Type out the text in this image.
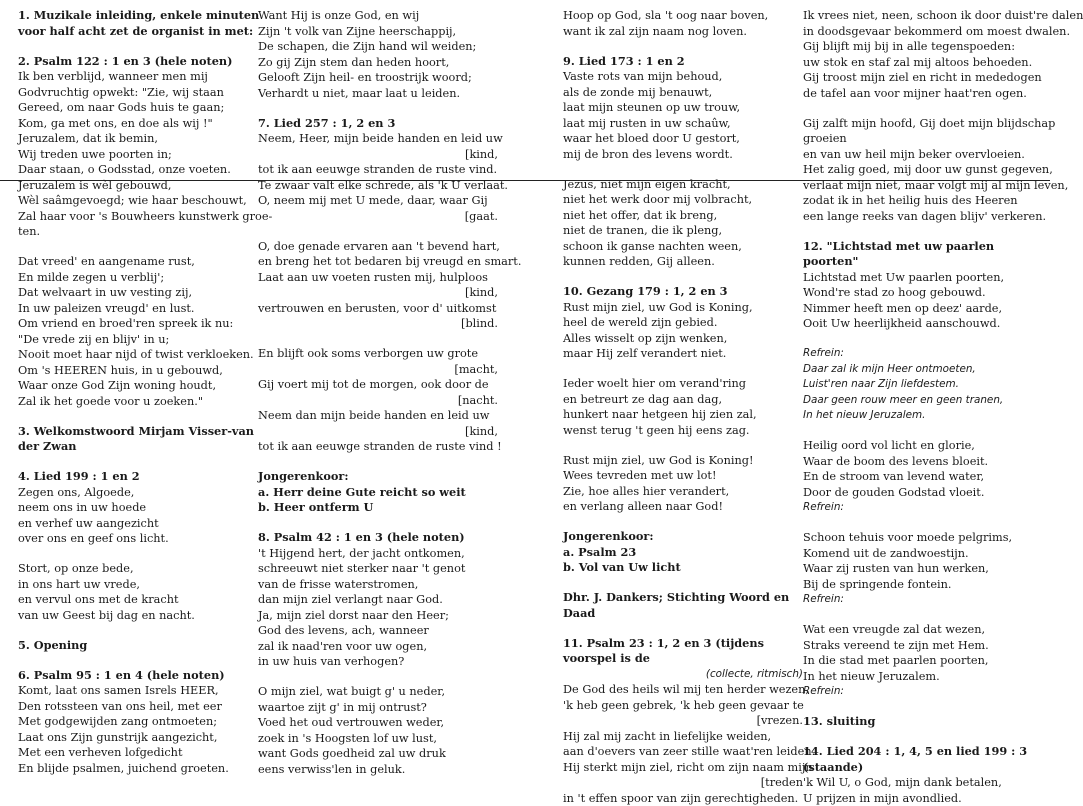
1. Muzikale inleiding, enkele minuten voor half acht zet de organist in met:
2. Psalm 122 : 1 en 3 (hele noten)
Ik ben verblijd, wanneer men mij
Godvruchtig opwekt: "Zie, wij staan
Gereed, om naar Gods huis te gaan;
Kom, ga met ons, en doe als wij !"
Jeruzalem, dat ik bemin,
Wij treden uwe poorten in;
Daar staan, o Godsstad, onze voeten.
Jeruzalem is wèl gebouwd,
Wèl saâmgevoegd; wie haar beschouwt,
Zal haar voor 's Bouwheers kunstwerk groe-
ten.
Dat vreed' en aangename rust,
En milde zegen u verblij';
Dat welvaart in uw vesting zij,
In uw paleizen vreugd' en lust.
Om vriend en broed'ren spreek ik nu:
"De vrede zij en blijv' in u;
Nooit moet haar nijd of twist verkloeken.
Om 's HEEREN huis, in u gebouwd,
Waar onze God Zijn woning houdt,
Zal ik het goede voor u zoeken."
3. Welkomstwoord Mirjam Visser-van der Zwan
4. Lied 199 : 1 en 2
Zegen ons, Algoede,
neem ons in uw hoede
en verhef uw aangezicht
over ons en geef ons licht.
Stort, op onze bede,
in ons hart uw vrede,
en vervul ons met de kracht
van uw Geest bij dag en nacht.
5. Opening
6. Psalm 95 : 1 en 4 (hele noten)
Komt, laat ons samen Isrels HEER,
Den rotssteen van ons heil, met eer
Met godgewijden zang ontmoeten;
Laat ons Zijn gunstrijk aangezicht,
Met een verheven lofgedicht
En blijde psalmen, juichend groeten.
Want Hij is onze God, en wij
Zijn 't volk van Zijne heerschappij,
De schapen, die Zijn hand wil weiden;
Zo gij Zijn stem dan heden hoort,
Gelooft Zijn heil- en troostrijk woord;
Verhardt u niet, maar laat u leiden.
7. Lied 257 : 1, 2 en 3
Neem, Heer, mijn beide handen en leid uw
[kind,
tot ik aan eeuwge stranden de ruste vind.
Te zwaar valt elke schrede, als 'k U verlaat.
O, neem mij met U mede, daar, waar Gij
[gaat.
O, doe genade ervaren aan 't bevend hart,
en breng het tot bedaren bij vreugd en smart.
Laat aan uw voeten rusten mij, hulploos
[kind,
vertrouwen en berusten, voor d' uitkomst
[blind.
En blijft ook soms verborgen uw grote
[macht,
Gij voert mij tot de morgen, ook door de
[nacht.
Neem dan mijn beide handen en leid uw
[kind,
tot ik aan eeuwge stranden de ruste vind !
Jongerenkoor:
a. Herr deine Gute reicht so weit
b. Heer ontferm U
8. Psalm 42 : 1 en 3 (hele noten)
't Hijgend hert, der jacht ontkomen,
schreeuwt niet sterker naar 't genot
van de frisse waterstromen,
dan mijn ziel verlangt naar God.
Ja, mijn ziel dorst naar den Heer;
God des levens, ach, wanneer
zal ik naad'ren voor uw ogen,
in uw huis van verhogen?
O mijn ziel, wat buigt g' u neder,
waartoe zijt g' in mij ontrust?
Voed het oud vertrouwen weder,
zoek in 's Hoogsten lof uw lust,
want Gods goedheid zal uw druk
eens verwiss'len in geluk.
Hoop op God, sla 't oog naar boven,
want ik zal zijn naam nog loven.
9. Lied 173 : 1 en 2
Vaste rots van mijn behoud,
als de zonde mij benauwt,
laat mijn steunen op uw trouw,
laat mij rusten in uw schaûw,
waar het bloed door U gestort,
mij de bron des levens wordt.
Jezus, niet mijn eigen kracht,
niet het werk door mij volbracht,
niet het offer, dat ik breng,
niet de tranen, die ik pleng,
schoon ik ganse nachten ween,
kunnen redden, Gij alleen.
10. Gezang 179 : 1, 2 en 3
Rust mijn ziel, uw God is Koning,
heel de wereld zijn gebied.
Alles wisselt op zijn wenken,
maar Hij zelf verandert niet.
Ieder woelt hier om verand'ring
en betreurt ze dag aan dag,
hunkert naar hetgeen hij zien zal,
wenst terug 't geen hij eens zag.
Rust mijn ziel, uw God is Koning!
Wees tevreden met uw lot!
Zie, hoe alles hier verandert,
en verlang alleen naar God!
Jongerenkoor:
a. Psalm 23
b. Vol van Uw licht
Dhr. J. Dankers; Stichting Woord en Daad
11. Psalm 23 : 1, 2 en 3 (tijdens voorspel is de
(collecte, ritmisch)
De God des heils wil mij ten herder wezen,
'k heb geen gebrek, 'k heb geen gevaar te
[vrezen.
Hij zal mij zacht in liefelijke weiden,
aan d'oevers van zeer stille waat'ren leiden.
Hij sterkt mijn ziel, richt om zijn naam mijn
[treden
in 't effen spoor van zijn gerechtigheden.
Ik vrees niet, neen, schoon ik door duist're dalen
in doodsgevaar bekommerd om moest dwalen.
Gij blijft mij bij in alle tegenspoeden:
uw stok en staf zal mij altoos behoeden.
Gij troost mijn ziel en richt in mededogen
de tafel aan voor mijner haat'ren ogen.
Gij zalft mijn hoofd, Gij doet mijn blijdschap
groeien
en van uw heil mijn beker overvloeien.
Het zalig goed, mij door uw gunst gegeven,
verlaat mijn niet, maar volgt mij al mijn leven,
zodat ik in het heilig huis des Heeren
een lange reeks van dagen blijv' verkeren.
12. "Lichtstad met uw paarlen poorten"
Lichtstad met Uw paarlen poorten,
Wond're stad zo hoog gebouwd.
Nimmer heeft men op deez' aarde,
Ooit Uw heerlijkheid aanschouwd.
Refrein:
Daar zal ik mijn Heer ontmoeten,
Luist'ren naar Zijn liefdestem.
Daar geen rouw meer en geen tranen,
In het nieuw Jeruzalem.
Heilig oord vol licht en glorie,
Waar de boom des levens bloeit.
En de stroom van levend water,
Door de gouden Godstad vloeit.
Refrein:
Schoon tehuis voor moede pelgrims,
Komend uit de zandwoestijn.
Waar zij rusten van hun werken,
Bij de springende fontein.
Refrein:
Wat een vreugde zal dat wezen,
Straks vereend te zijn met Hem.
In die stad met paarlen poorten,
In het nieuw Jeruzalem.
Refrein:
13. sluiting
14. Lied 204 : 1, 4, 5 en lied 199 : 3 (staande)
'k Wil U, o God, mijn dank betalen,
U prijzen in mijn avondlied.
